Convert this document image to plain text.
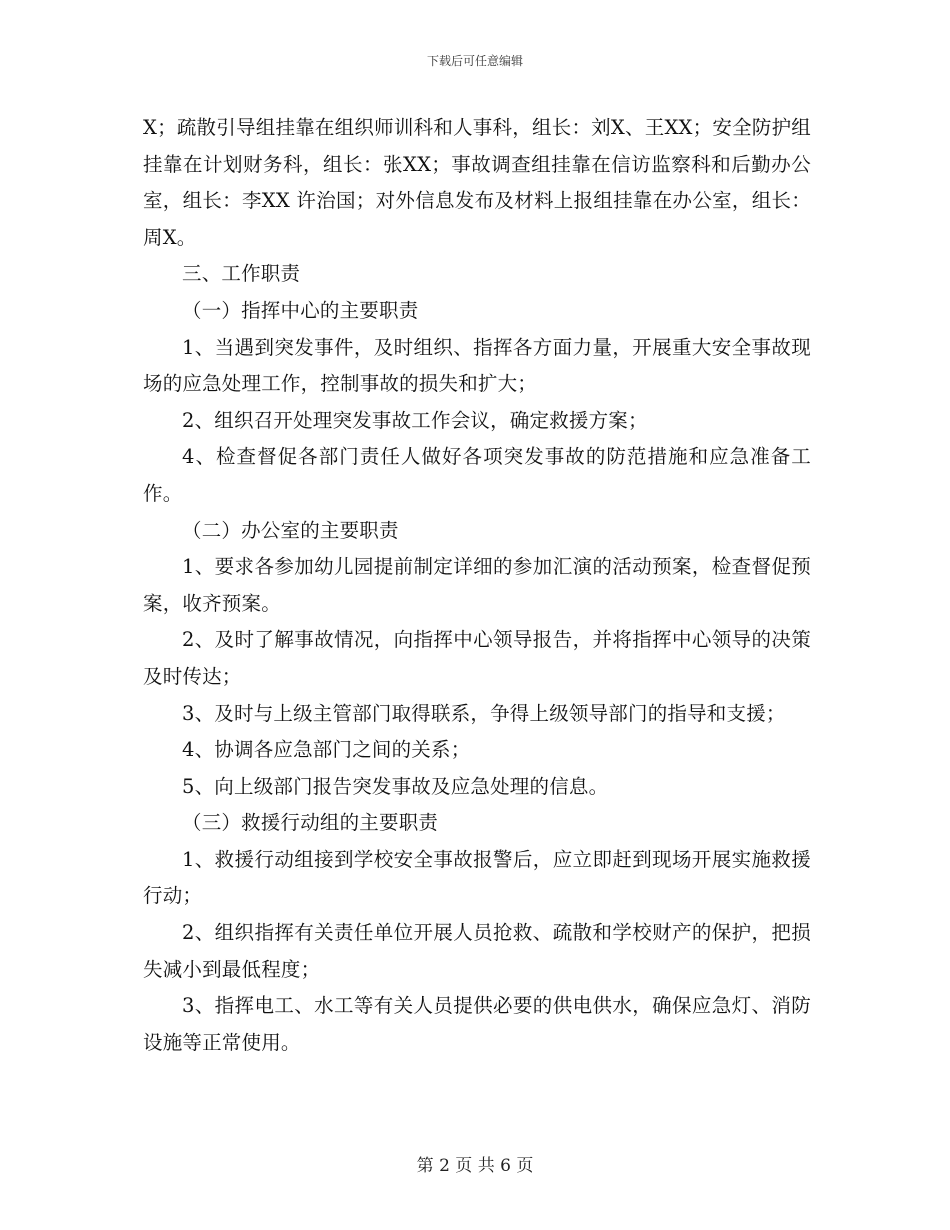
下载后可任意编辑

X；疏散引导组挂靠在组织师训科和人事科，组长：刘X、王XX；安全防护组挂靠在计划财务科，组长：张XX；事故调查组挂靠在信访监察科和后勤办公室，组长：李XX 许治国；对外信息发布及材料上报组挂靠在办公室，组长：周X。

三、工作职责

（一）指挥中心的主要职责

1、当遇到突发事件，及时组织、指挥各方面力量，开展重大安全事故现场的应急处理工作，控制事故的损失和扩大；

2、组织召开处理突发事故工作会议，确定救援方案；

4、检查督促各部门责任人做好各项突发事故的防范措施和应急准备工作。

（二）办公室的主要职责

1、要求各参加幼儿园提前制定详细的参加汇演的活动预案，检查督促预案，收齐预案。

2、及时了解事故情况，向指挥中心领导报告，并将指挥中心领导的决策及时传达；

3、及时与上级主管部门取得联系，争得上级领导部门的指导和支援；

4、协调各应急部门之间的关系；

5、向上级部门报告突发事故及应急处理的信息。

（三）救援行动组的主要职责

1、救援行动组接到学校安全事故报警后，应立即赶到现场开展实施救援行动；

2、组织指挥有关责任单位开展人员抢救、疏散和学校财产的保护，把损失减小到最低程度；

3、指挥电工、水工等有关人员提供必要的供电供水，确保应急灯、消防设施等正常使用。

第 2 页 共 6 页
